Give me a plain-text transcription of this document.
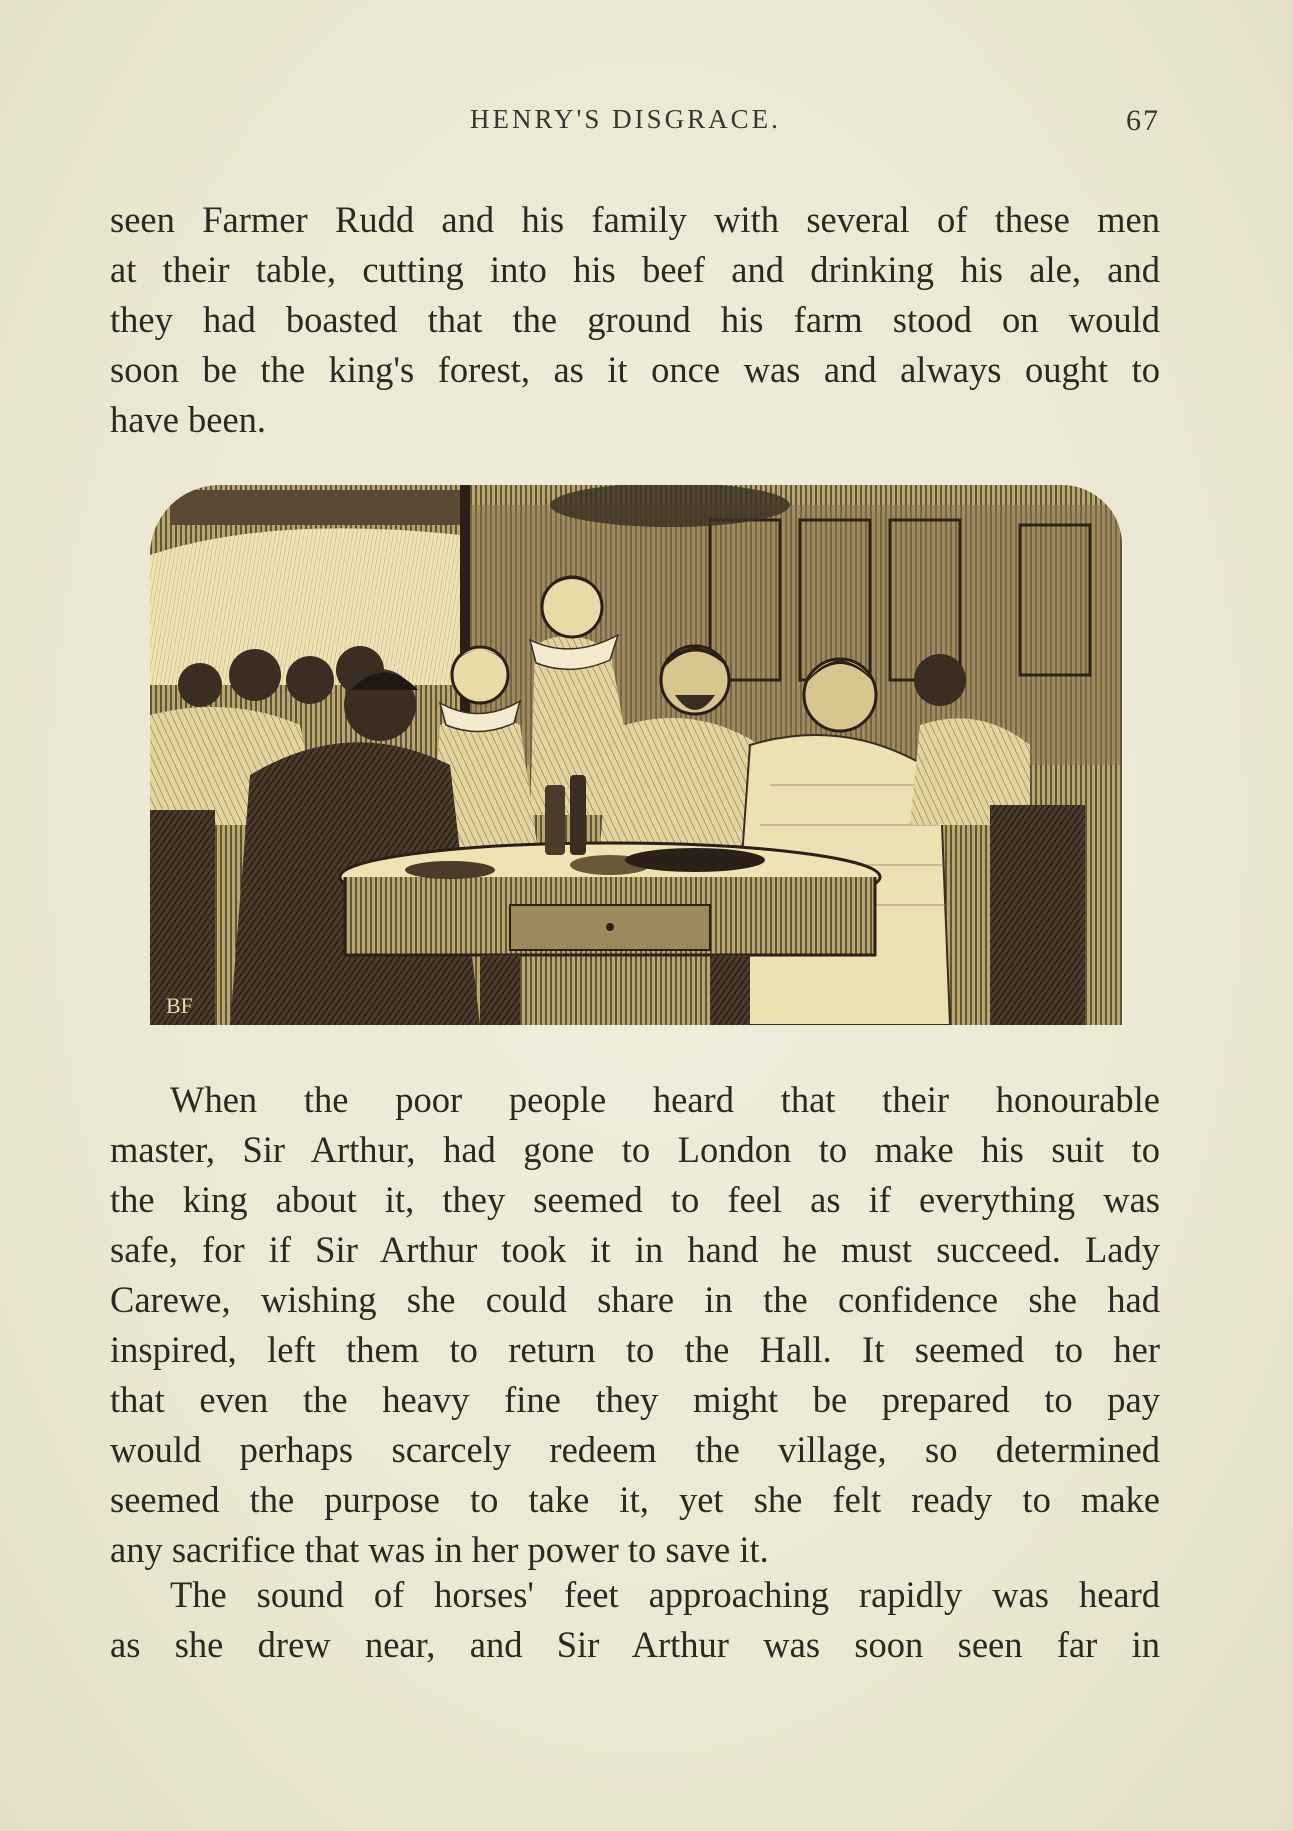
HENRY'S DISGRACE.	67
seen Farmer Rudd and his family with several of these men
at their table, cutting into his beef and drinking his ale, and
they had boasted that the ground his farm stood on would
soon be the king's forest, as it once was and always ought to
have been.
BF
When the poor people heard that their honourable
master, Sir Arthur, had gone to London to make his suit to
the king about it, they seemed to feel as if everything was
safe, for if Sir Arthur took it in hand he must succeed. Lady
Carewe, wishing she could share in the confidence she had
inspired, left them to return to the Hall. It seemed to her
that even the heavy fine they might be prepared to pay
would perhaps scarcely redeem the village, so determined
seemed the purpose to take it, yet she felt ready to make
any sacrifice that was in her power to save it.
The sound of horses' feet approaching rapidly was heard
as she drew near, and Sir Arthur was soon seen far in
